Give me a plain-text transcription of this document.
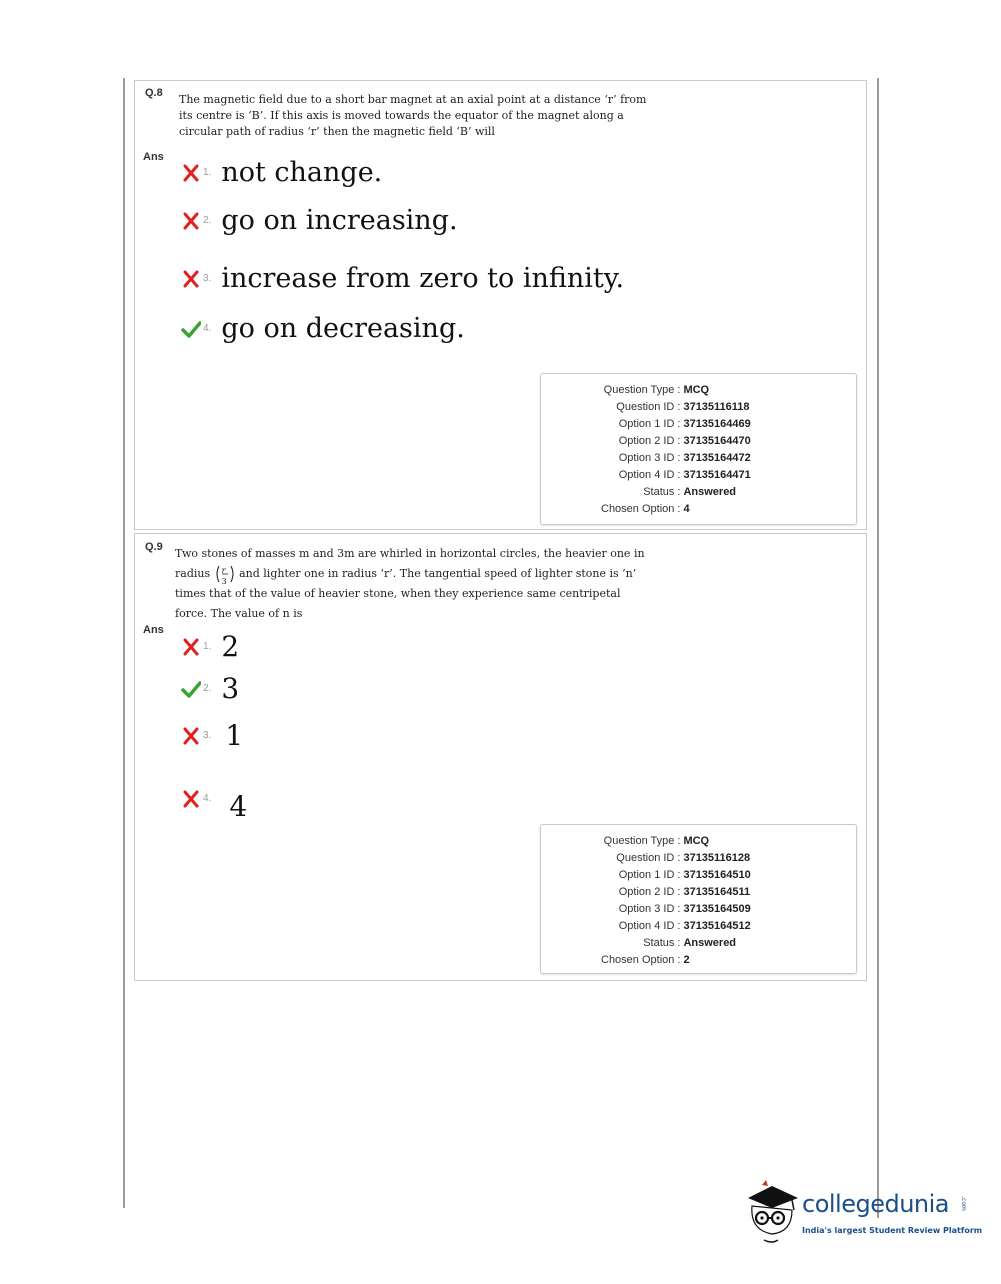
Q.8 The magnetic field due to a short bar magnet at an axial point at a distance ‘r’ from its centre is ‘B’. If this axis is moved towards the equator of the magnet along a circular path of radius ‘r’ then the magnetic field ‘B’ will
Ans
1. not change.
2. go on increasing.
3. increase from zero to infinity.
4. go on decreasing.
Question Type	:	MCQ
Question ID	:	37135116118
Option 1 ID	:	37135164469
Option 2 ID	:	37135164470
Option 3 ID	:	37135164472
Option 4 ID	:	37135164471
Status	:	Answered
Chosen Option	:	4
Q.9 Two stones of masses m and 3m are whirled in horizontal circles, the heavier one in radius r
3
and lighter one in radius ‘r’. The tangential speed of lighter stone is ‘n’ times that of the value of heavier stone, when they experience same centripetal force. The value of n is
Ans
1. 2
2. 3
3. 1
4. 4
Question Type	:	MCQ
Question ID	:	37135116128
Option 1 ID	:	37135164510
Option 2 ID	:	37135164511
Option 3 ID	:	37135164509
Option 4 ID	:	37135164512
Status	:	Answered
Chosen Option	:	2
collegedunia .com
India's largest Student Review Platform
